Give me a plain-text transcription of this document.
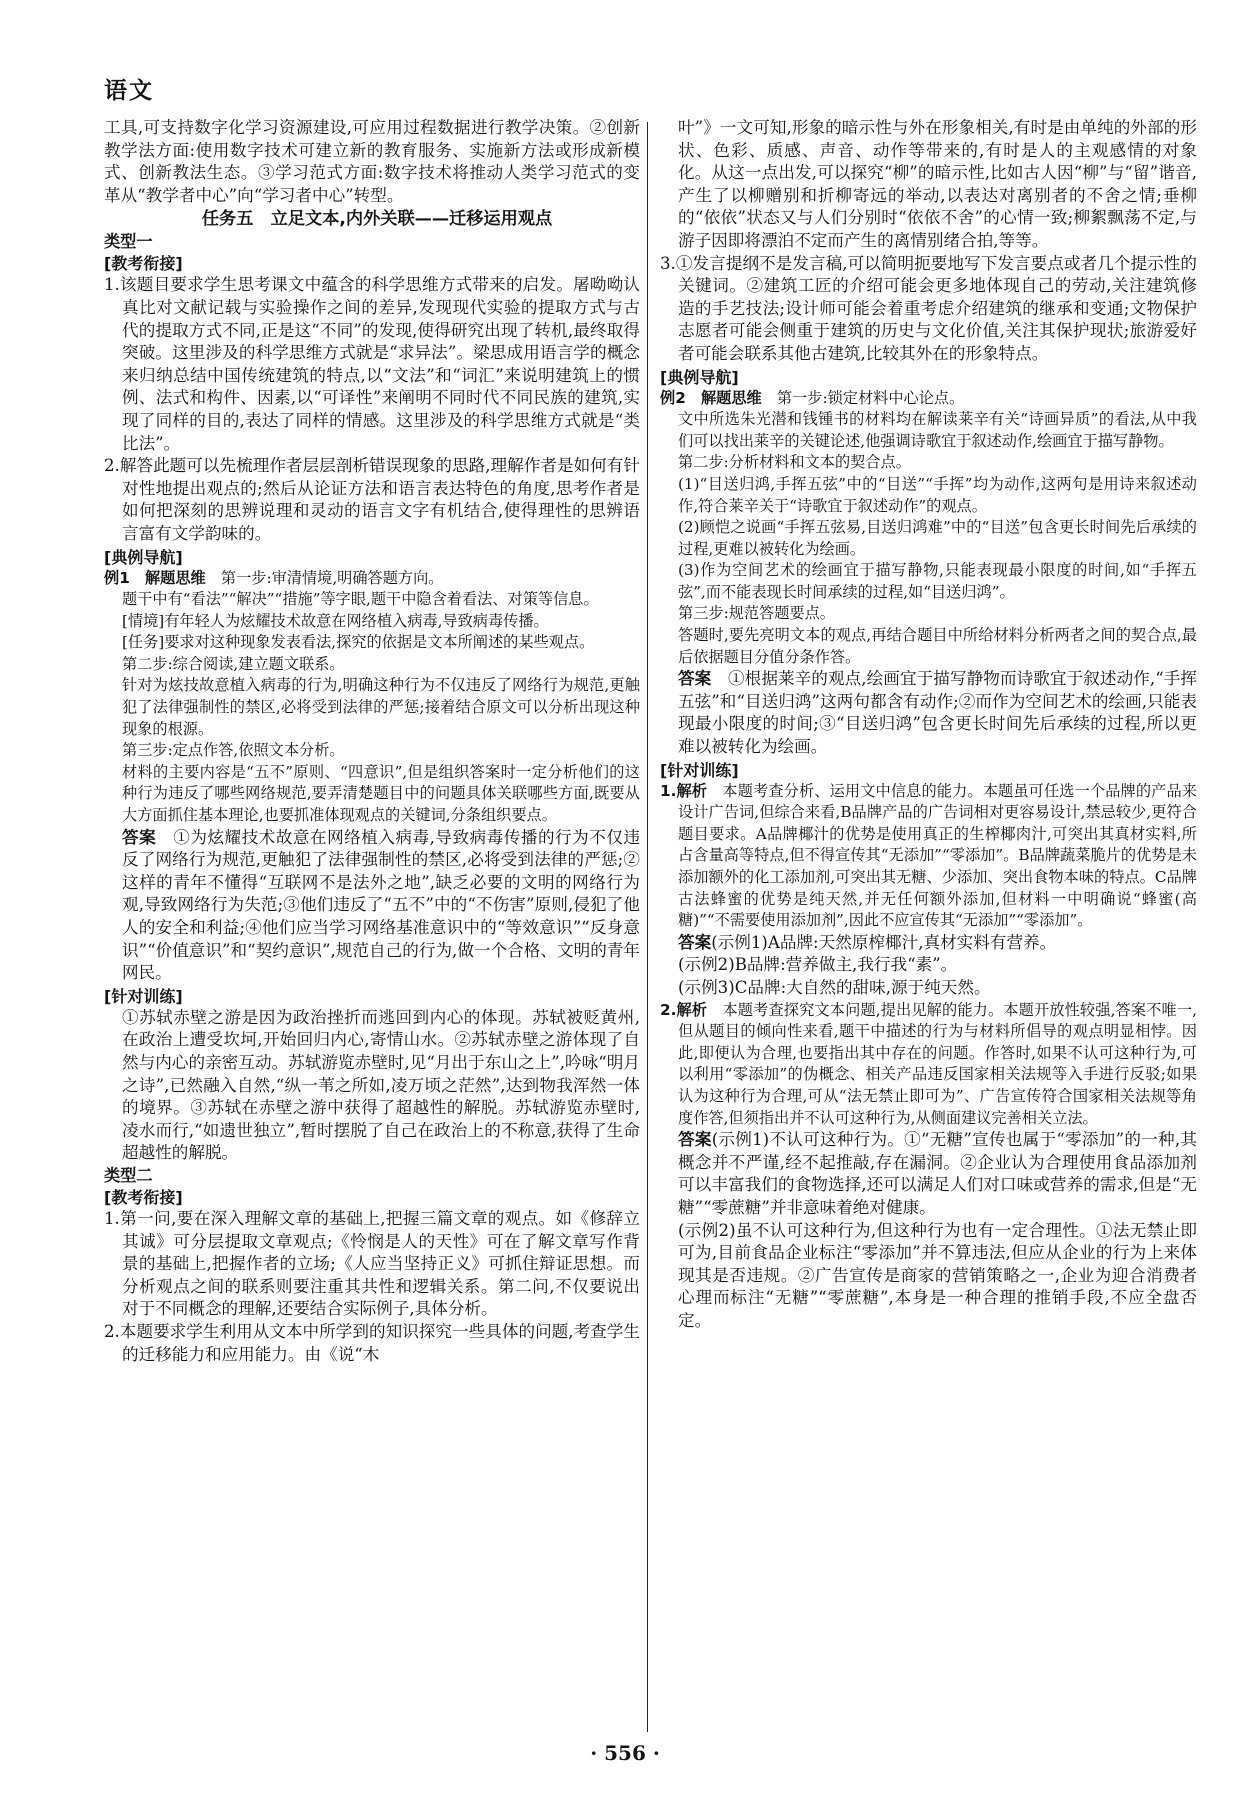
语文

工具,可支持数字化学习资源建设,可应用过程数据进行教学决策。②创新教学法方面:使用数字技术可建立新的教育服务、实施新方法或形成新模式、创新教法生态。③学习范式方面:数字技术将推动人类学习范式的变革从“教学者中心”向“学习者中心”转型。

任务五　立足文本,内外关联——迁移运用观点
类型一
[ 教考衔接 ]

1.该题目要求学生思考课文中蕴含的科学思维方式带来的启发。屠呦呦认真比对文献记载与实验操作之间的差异,发现现代实验的提取方式与古代的提取方式不同,正是这“不同”的发现,使得研究出现了转机,最终取得突破。这里涉及的科学思维方式就是“求异法”。梁思成用语言学的概念来归纳总结中国传统建筑的特点,以“文法”和“词汇”来说明建筑上的惯例、法式和构件、因素,以“可译性”来阐明不同时代不同民族的建筑,实现了同样的目的,表达了同样的情感。这里涉及的科学思维方式就是“类比法”。

2.解答此题可以先梳理作者层层剖析错误现象的思路,理解作者是如何有针对性地提出观点的;然后从论证方法和语言表达特色的角度,思考作者是如何把深刻的思辨说理和灵动的语言文字有机结合,使得理性的思辨语言富有文学韵味的。

[ 典例导航 ]

例1　解题思维　第一步:审清情境,明确答题方向。

题干中有“看法”“解决”“措施”等字眼,题干中隐含着看法、对策等信息。

[情境]有年轻人为炫耀技术故意在网络植入病毒,导致病毒传播。

[任务]要求对这种现象发表看法,探究的依据是文本所阐述的某些观点。

第二步:综合阅读,建立题文联系。

针对为炫技故意植入病毒的行为,明确这种行为不仅违反了网络行为规范,更触犯了法律强制性的禁区,必将受到法律的严惩;接着结合原文可以分析出现这种现象的根源。

第三步:定点作答,依照文本分析。

材料的主要内容是“五不”原则、“四意识”,但是组织答案时一定分析他们的这种行为违反了哪些网络规范,要弄清楚题目中的问题具体关联哪些方面,既要从大方面抓住基本理论,也要抓准体现观点的关键词,分条组织要点。

答案　①为炫耀技术故意在网络植入病毒,导致病毒传播的行为不仅违反了网络行为规范,更触犯了法律强制性的禁区,必将受到法律的严惩;②这样的青年不懂得“互联网不是法外之地”,缺乏必要的文明的网络行为观,导致网络行为失范;③他们违反了“五不”中的“不伤害”原则,侵犯了他人的安全和利益;④他们应当学习网络基准意识中的“等效意识”“反身意识”“价值意识”和“契约意识”,规范自己的行为,做一个合格、文明的青年网民。

[ 针对训练 ]

①苏轼赤壁之游是因为政治挫折而逃回到内心的体现。苏轼被贬黄州,在政治上遭受坎坷,开始回归内心,寄情山水。②苏轼赤壁之游体现了自然与内心的亲密互动。苏轼游览赤壁时,见“月出于东山之上”,吟咏“明月之诗”,已然融入自然,“纵一苇之所如,凌万顷之茫然”,达到物我浑然一体的境界。③苏轼在赤壁之游中获得了超越性的解脱。苏轼游览赤壁时,凌水而行,“如遗世独立”,暂时摆脱了自己在政治上的不称意,获得了生命超越性的解脱。

类型二
[ 教考衔接 ]

1.第一问,要在深入理解文章的基础上,把握三篇文章的观点。如《修辞立其诚》可分层提取文章观点;《怜悯是人的天性》可在了解文章写作背景的基础上,把握作者的立场;《人应当坚持正义》可抓住辩证思想。而分析观点之间的联系则要注重其共性和逻辑关系。第二问,不仅要说出对于不同概念的理解,还要结合实际例子,具体分析。

2.本题要求学生利用从文本中所学到的知识探究一些具体的问题,考查学生的迁移能力和应用能力。由《说“木

叶”》一文可知,形象的暗示性与外在形象相关,有时是由单纯的外部的形状、色彩、质感、声音、动作等带来的,有时是人的主观感情的对象化。从这一点出发,可以探究“柳”的暗示性,比如古人因“柳”与“留”谐音,产生了以柳赠别和折柳寄远的举动,以表达对离别者的不舍之情;垂柳的“依依”状态又与人们分别时“依依不舍”的心情一致;柳絮飘荡不定,与游子因即将漂泊不定而产生的离情别绪合拍,等等。

3.①发言提纲不是发言稿,可以简明扼要地写下发言要点或者几个提示性的关键词。②建筑工匠的介绍可能会更多地体现自己的劳动,关注建筑修造的手艺技法;设计师可能会着重考虑介绍建筑的继承和变通;文物保护志愿者可能会侧重于建筑的历史与文化价值,关注其保护现状;旅游爱好者可能会联系其他古建筑,比较其外在的形象特点。

[ 典例导航 ]

例2　解题思维　第一步:锁定材料中心论点。

文中所选朱光潜和钱锺书的材料均在解读莱辛有关“诗画异质”的看法,从中我们可以找出莱辛的关键论述,他强调诗歌宜于叙述动作,绘画宜于描写静物。

第二步:分析材料和文本的契合点。

(1)“目送归鸿,手挥五弦”中的“目送”“手挥”均为动作,这两句是用诗来叙述动作,符合莱辛关于“诗歌宜于叙述动作”的观点。

(2)顾恺之说画“手挥五弦易,目送归鸿难”中的“目送”包含更长时间先后承续的过程,更难以被转化为绘画。

(3)作为空间艺术的绘画宜于描写静物,只能表现最小限度的时间,如“手挥五弦”,而不能表现长时间承续的过程,如“目送归鸿”。

第三步:规范答题要点。

答题时,要先亮明文本的观点,再结合题目中所给材料分析两者之间的契合点,最后依据题目分值分条作答。

答案　①根据莱辛的观点,绘画宜于描写静物而诗歌宜于叙述动作,“手挥五弦”和“目送归鸿”这两句都含有动作;②而作为空间艺术的绘画,只能表现最小限度的时间;③“目送归鸿”包含更长时间先后承续的过程,所以更难以被转化为绘画。

[ 针对训练 ]

1.解析　本题考查分析、运用文中信息的能力。本题虽可任选一个品牌的产品来设计广告词,但综合来看,B品牌产品的广告词相对更容易设计,禁忌较少,更符合题目要求。A品牌椰汁的优势是使用真正的生榨椰肉汁,可突出其真材实料,所占含量高等特点,但不得宣传其“无添加”“零添加”。B品牌蔬菜脆片的优势是未添加额外的化工添加剂,可突出其无糖、少添加、突出食物本味的特点。C品牌古法蜂蜜的优势是纯天然,并无任何额外添加,但材料一中明确说“蜂蜜(高糖)”“不需要使用添加剂”,因此不应宣传其“无添加”“零添加”。

答案(示例1)A品牌:天然原榨椰汁,真材实料有营养。

(示例2)B品牌:营养做主,我行我“素”。

(示例3)C品牌:大自然的甜味,源于纯天然。

2.解析　本题考查探究文本问题,提出见解的能力。本题开放性较强,答案不唯一,但从题目的倾向性来看,题干中描述的行为与材料所倡导的观点明显相悖。因此,即便认为合理,也要指出其中存在的问题。作答时,如果不认可这种行为,可以利用“零添加”的伪概念、相关产品违反国家相关法规等入手进行反驳;如果认为这种行为合理,可从“法无禁止即可为”、广告宣传符合国家相关法规等角度作答,但须指出并不认可这种行为,从侧面建议完善相关立法。

答案(示例1)不认可这种行为。①“无糖”宣传也属于“零添加”的一种,其概念并不严谨,经不起推敲,存在漏洞。②企业认为合理使用食品添加剂可以丰富我们的食物选择,还可以满足人们对口味或营养的需求,但是“无糖”“零蔗糖”并非意味着绝对健康。

(示例2)虽不认可这种行为,但这种行为也有一定合理性。①法无禁止即可为,目前食品企业标注“零添加”并不算违法,但应从企业的行为上来体现其是否违规。②广告宣传是商家的营销策略之一,企业为迎合消费者心理而标注“无糖”“零蔗糖”,本身是一种合理的推销手段,不应全盘否定。

· 556 ·
